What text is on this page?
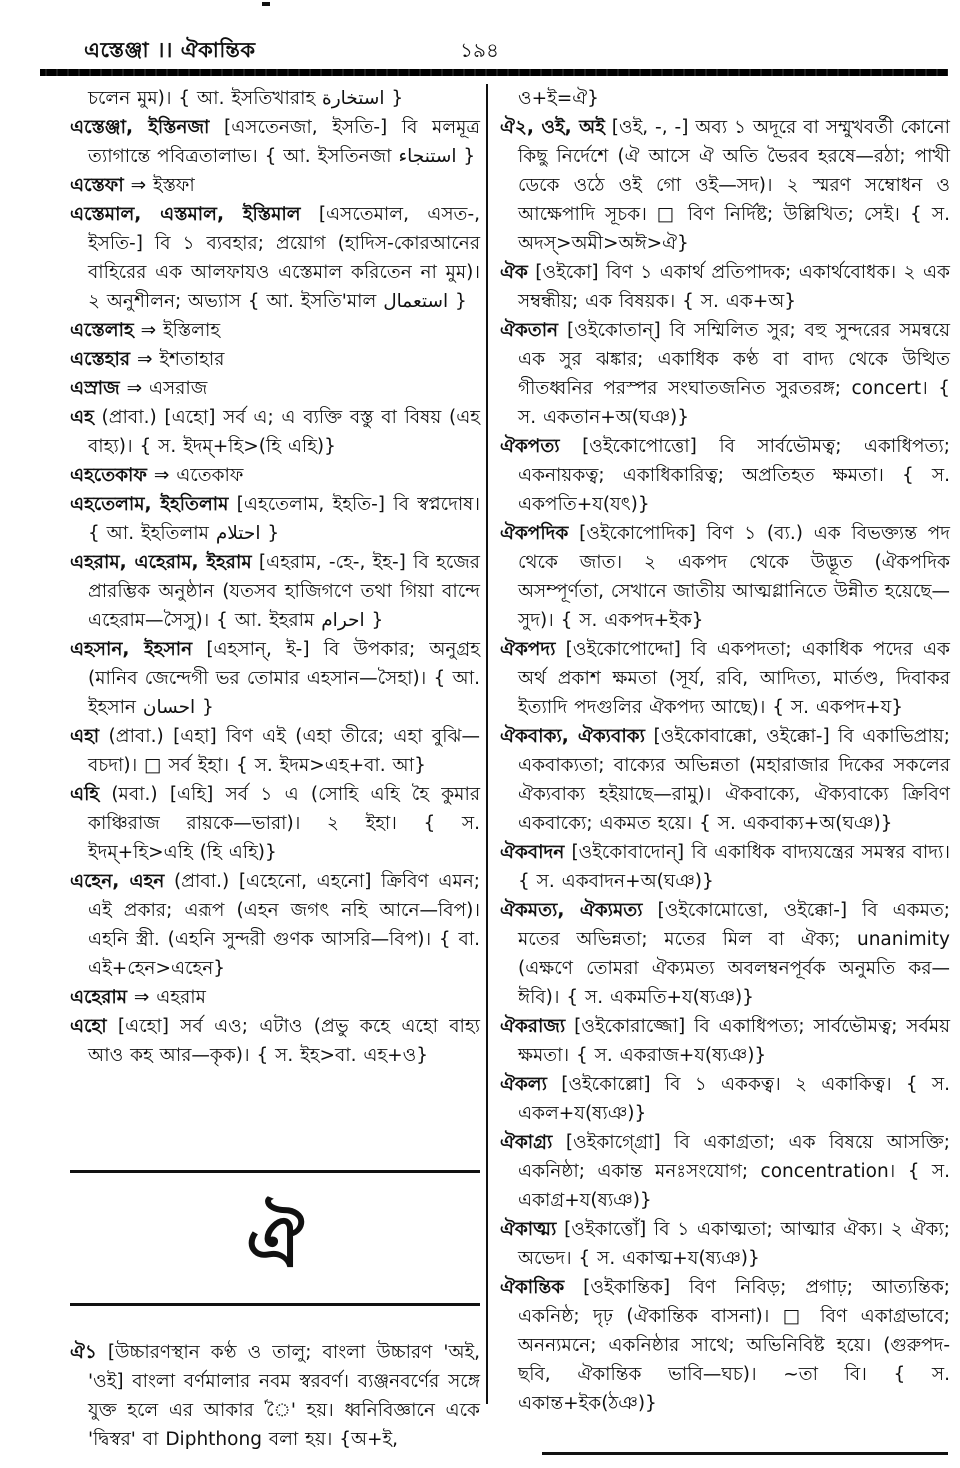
এস্তেঞ্জা ।। ঐকান্তিক	১৯৪

চলেন মুম)। { আ. ইসতিখারাহ استخارة }

এস্তেঞ্জা, ইস্তিনজা [এসতেনজা, ইসতি-] বি মলমূত্র ত্যাগান্তে পবিত্রতালাভ। { আ. ইসতিনজা استنجاء }

এস্তেফা ⇒ ইস্তফা

এস্তেমাল, এস্তমাল, ইস্তিমাল [এসতেমাল, এসত-, ইসতি-] বি ১ ব্যবহার; প্রয়োগ (হাদিস-কোরআনের বাহিরের এক আলফাযও এস্তেমাল করিতেন না মুম)। ২ অনুশীলন; অভ্যাস { আ. ইসতি'মাল استعمال }

এস্তেলাহ ⇒ ইস্তিলাহ

এস্তেহার ⇒ ইশতাহার

এস্রাজ ⇒ এসরাজ

এহ (প্রাবা.) [এহো] সর্ব এ; এ ব্যক্তি বস্তু বা বিষয় (এহ বাহ্য)। { স. ইদম্+হি>(হি এহি)}

এহতেকাফ ⇒ এতেকাফ

এহতেলাম, ইহতিলাম [এহতেলাম, ইহতি-] বি স্বপ্নদোষ। { আ. ইহতিলাম احتلام }

এহরাম, এহেরাম, ইহরাম [এহরাম, -হে-, ইহ-] বি হজের প্রারম্ভিক অনুষ্ঠান (যতসব হাজিগণে তথা গিয়া বান্দে এহেরাম—সৈসু)। { আ. ইহরাম احرام }

এহসান, ইহসান [এহসান্, ই-] বি উপকার; অনুগ্রহ (মানিব জেন্দেগী ভর তোমার এহসান—সৈহা)। { আ. ইহসান احسان }

এহা (প্রাবা.) [এহা] বিণ এই (এহা তীরে; এহা বুঝি—বচদা)। □ সর্ব ইহা। { স. ইদম>এহ+বা. আ}

এহি (মবা.) [এহি] সর্ব ১ এ (সোহি এহি হৈ কুমার কাঞ্চিরাজ রায়কে—ভারা)। ২ ইহা। { স. ইদম্+হি>এহি (হি এহি)}

এহেন, এহন (প্রাবা.) [এহেনো, এহনো] ক্রিবিণ এমন; এই প্রকার; এরূপ (এহন জগৎ নহি আনে—বিপ)। এহনি স্ত্রী. (এহনি সুন্দরী গুণক আসরি—বিপ)। { বা. এই+হেন>এহেন}

এহেরাম ⇒ এহরাম

এহো [এহো] সর্ব এও; এটাও (প্রভু কহে এহো বাহ্য আও কহ আর—কৃক)। { স. ইহ>বা. এহ+ও}

ঐ

ঐ১ [উচ্চারণস্থান কণ্ঠ ও তালু; বাংলা উচ্চারণ 'অই, 'ওই] বাংলা বর্ণমালার নবম স্বরবর্ণ। ব্যঞ্জনবর্ণের সঙ্গে যুক্ত হলে এর আকার 'ৈ' হয়। ধ্বনিবিজ্ঞানে একে 'দ্বিস্বর' বা Diphthong বলা হয়। {অ+ই,

ও+ই=ঐ}

ঐ২, ওই, অই [ওই, -, -] অব্য ১ অদূরে বা সম্মুখবর্তী কোনো কিছু নির্দেশে (ঐ আসে ঐ অতি ভৈরব হরষে—রঠা; পাখী ডেকে ওঠে ওই গো ওই—সদ)। ২ স্মরণ সম্বোধন ও আক্ষেপাদি সূচক। □ বিণ নির্দিষ্ট; উল্লিখিত; সেই। { স. অদস্>অমী>অঈ>ঐ}

ঐক [ওইকো] বিণ ১ একার্থ প্রতিপাদক; একার্থবোধক। ২ এক সম্বন্ধীয়; এক বিষয়ক। { স. এক+অ}

ঐকতান [ওইকোতান্] বি সম্মিলিত সুর; বহু সুন্দরের সমন্বয়ে এক সুর ঝঙ্কার; একাধিক কণ্ঠ বা বাদ্য থেকে উত্থিত গীতধ্বনির পরস্পর সংঘাতজনিত সুরতরঙ্গ; concert। { স. একতান+অ(ঘঞ)}

ঐকপত্য [ওইকোপোত্তো] বি সার্বভৌমত্ব; একাধিপত্য; একনায়কত্ব; একাধিকারিত্ব; অপ্রতিহত ক্ষমতা। { স. একপতি+য(যৎ)}

ঐকপদিক [ওইকোপোদিক] বিণ ১ (ব্য.) এক বিভক্ত্যন্ত পদ থেকে জাত। ২ একপদ থেকে উদ্ভূত (ঐকপদিক অসম্পূর্ণতা, সেখানে জাতীয় আত্মগ্লানিতে উন্নীত হয়েছে—সুদ)। { স. একপদ+ইক}

ঐকপদ্য [ওইকোপোদ্দো] বি একপদতা; একাধিক পদের এক অর্থ প্রকাশ ক্ষমতা (সূর্য, রবি, আদিত্য, মার্তণ্ড, দিবাকর ইত্যাদি পদগুলির ঐকপদ্য আছে)। { স. একপদ+য}

ঐকবাক্য, ঐক্যবাক্য [ওইকোবাক্কো, ওইক্কো-] বি একাভিপ্রায়; একবাক্যতা; বাক্যের অভিন্নতা (মহারাজার দিকের সকলের ঐক্যবাক্য হইয়াছে—রামু)। ঐকবাক্যে, ঐক্যবাক্যে ক্রিবিণ একবাক্যে; একমত হয়ে। { স. একবাক্য+অ(ঘঞ)}

ঐকবাদন [ওইকোবাদোন্] বি একাধিক বাদ্যযন্ত্রের সমস্বর বাদ্য। { স. একবাদন+অ(ঘঞ)}

ঐকমত্য, ঐক্যমত্য [ওইকোমোত্তো, ওইক্কো-] বি একমত; মতের অভিন্নতা; মতের মিল বা ঐক্য; unanimity (এক্ষণে তোমরা ঐক্যমত্য অবলম্বনপূর্বক অনুমতি কর—ঈবি)। { স. একমতি+য(ষ্যঞ)}

ঐকরাজ্য [ওইকোরাজ্জো] বি একাধিপত্য; সার্বভৌমত্ব; সর্বময় ক্ষমতা। { স. একরাজ+য(ষ্যঞ)}

ঐকল্য [ওইকোল্লো] বি ১ এককত্ব। ২ একাকিত্ব। { স. একল+য(ষ্যঞ)}

ঐকাগ্র্য [ওইকাগ্গ্রো] বি একাগ্রতা; এক বিষয়ে আসক্তি; একনিষ্ঠা; একান্ত মনঃসংযোগ; concentration। { স. একাগ্র+য(ষ্যঞ)}

ঐকাত্ম্য [ওইকাত্তোঁ] বি ১ একাত্মতা; আত্মার ঐক্য। ২ ঐক্য; অভেদ। { স. একাত্ম+য(ষ্যঞ)}

ঐকান্তিক [ওইকান্তিক] বিণ নিবিড়; প্রগাঢ়; আত্যন্তিক; একনিষ্ঠ; দৃঢ় (ঐকান্তিক বাসনা)। □ বিণ একাগ্রভাবে; অনন্যমনে; একনিষ্ঠার সাথে; অভিনিবিষ্ট হয়ে। (গুরুপদ-ছবি, ঐকান্তিক ভাবি—ঘচ)। ~তা বি। { স. একান্ত+ইক(ঠঞ)}
